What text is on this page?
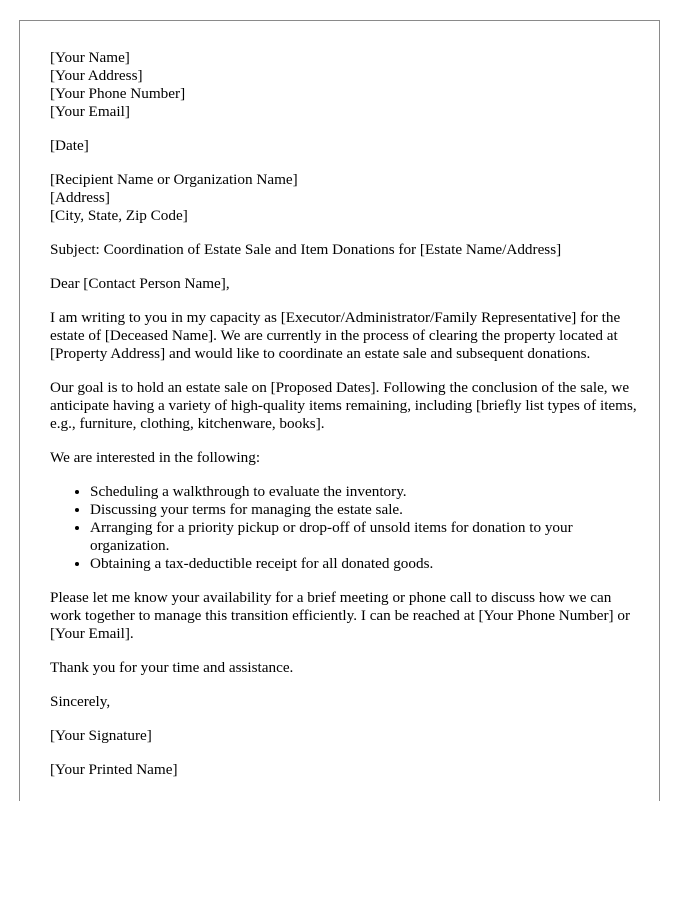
[Your Name]
[Your Address]
[Your Phone Number]
[Your Email]

[Date]

[Recipient Name or Organization Name]
[Address]
[City, State, Zip Code]

Subject: Coordination of Estate Sale and Item Donations for [Estate Name/Address]

Dear [Contact Person Name],

I am writing to you in my capacity as [Executor/Administrator/Family Representative] for the estate of [Deceased Name]. We are currently in the process of clearing the property located at [Property Address] and would like to coordinate an estate sale and subsequent donations.

Our goal is to hold an estate sale on [Proposed Dates]. Following the conclusion of the sale, we anticipate having a variety of high-quality items remaining, including [briefly list types of items, e.g., furniture, clothing, kitchenware, books].

We are interested in the following:

• Scheduling a walkthrough to evaluate the inventory.
• Discussing your terms for managing the estate sale.
• Arranging for a priority pickup or drop-off of unsold items for donation to your organization.
• Obtaining a tax-deductible receipt for all donated goods.

Please let me know your availability for a brief meeting or phone call to discuss how we can work together to manage this transition efficiently. I can be reached at [Your Phone Number] or [Your Email].

Thank you for your time and assistance.

Sincerely,

[Your Signature]

[Your Printed Name]
